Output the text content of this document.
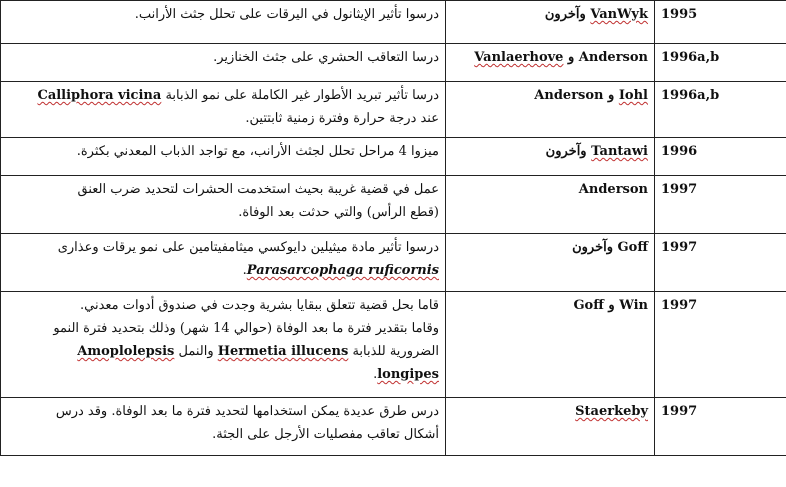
درسوا تأثير الإيثانول في اليرقات على تحلل جثث الأرانب.	VanWyk وآخرون	1995
درسا التعاقب الحشري على جثث الخنازير.	Anderson و Vanlaerhove	1996a,b

درسا تأثير تبريد الأطوار غير الكاملة على نمو الذبابة Calliphora vicina
عند درجة حرارة وفترة زمنية ثابتتين.	Iohl و Anderson	1996a,b
ميزوا 4 مراحل تحلل لجثث الأرانب، مع تواجد الذباب المعدني بكثرة.	Tantawi وآخرون	1996

عمل في قضية غريبة بحيث استخدمت الحشرات لتحديد ضرب العنق
(قطع الرأس) والتي حدثت بعد الوفاة.	Anderson	1997

درسوا تأثير مادة ميثيلين دايوكسي ميثامفيتامين على نمو يرقات وعذارى
Parasarcophaga ruficornis.	Goff وآخرون	1997

قاما بحل قضية تتعلق ببقايا بشرية وجدت في صندوق أدوات معدني.
وقاما بتقدير فترة ما بعد الوفاة (حوالي 14 شهر) وذلك بتحديد فترة النمو
الضرورية للذبابة Hermetia illucens والنمل Amoplolepsis
longipes.	Win و Goff	1997

درس طرق عديدة يمكن استخدامها لتحديد فترة ما بعد الوفاة. وقد درس
أشكال تعاقب مفصليات الأرجل على الجثة.	Staerkeby	1997
